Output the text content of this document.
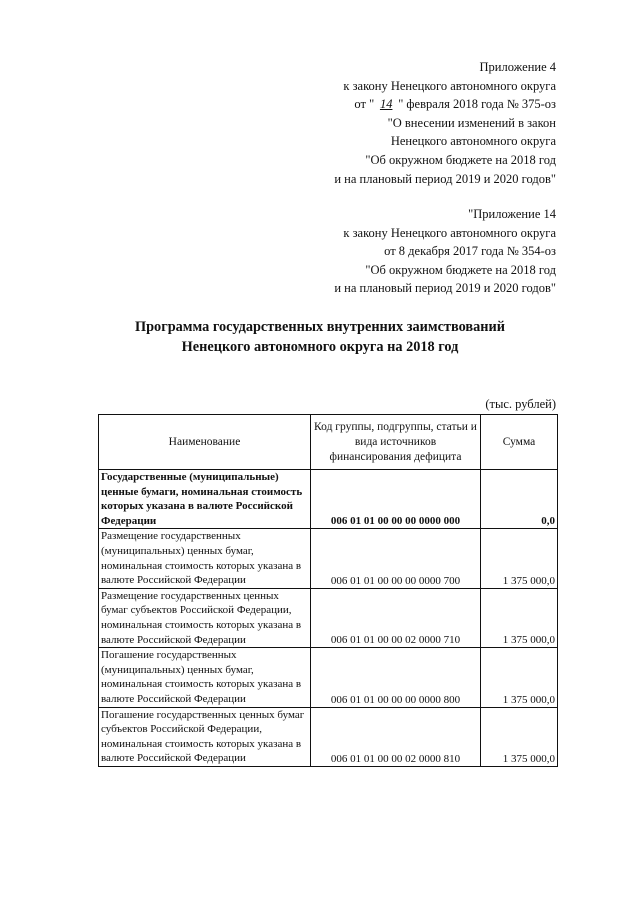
Приложение 4
к закону Ненецкого автономного округа
от " 14 " февраля 2018 года № 375-оз
"О внесении изменений в закон
Ненецкого автономного округа
"Об окружном бюджете на 2018 год
и на плановый период 2019 и 2020 годов"
"Приложение 14
к закону Ненецкого автономного округа
от 8 декабря 2017 года № 354-оз
"Об окружном бюджете на 2018 год
и на плановый период 2019 и 2020 годов"
Программа государственных внутренних заимствований
Ненецкого автономного округа на 2018 год
(тыс. рублей)
Наименование	Код группы, подгруппы, статьи и вида источников финансирования дефицита	Сумма
Государственные (муниципальные) ценные бумаги, номинальная стоимость которых указана в валюте Российской Федерации	006 01 01 00 00 00 0000 000	0,0
Размещение государственных (муниципальных) ценных бумаг, номинальная стоимость которых указана в валюте Российской Федерации	006 01 01 00 00 00 0000 700	1 375 000,0
Размещение государственных ценных бумаг субъектов Российской Федерации, номинальная стоимость которых указана в валюте Российской Федерации	006 01 01 00 00 02 0000 710	1 375 000,0
Погашение государственных (муниципальных) ценных бумаг, номинальная стоимость которых указана в валюте Российской Федерации	006 01 01 00 00 00 0000 800	1 375 000,0
Погашение государственных ценных бумаг субъектов Российской Федерации, номинальная стоимость которых указана в валюте Российской Федерации	006 01 01 00 00 02 0000 810	1 375 000,0
